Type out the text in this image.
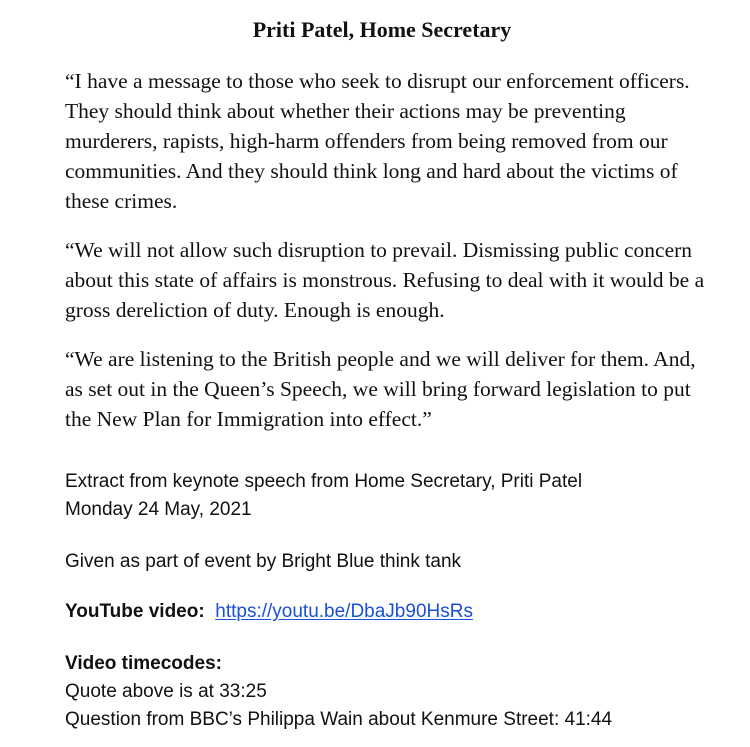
Priti Patel, Home Secretary

“I have a message to those who seek to disrupt our enforcement officers. They should think about whether their actions may be preventing murderers, rapists, high-harm offenders from being removed from our communities. And they should think long and hard about the victims of these crimes.

“We will not allow such disruption to prevail. Dismissing public concern about this state of affairs is monstrous. Refusing to deal with it would be a gross dereliction of duty. Enough is enough.

“We are listening to the British people and we will deliver for them. And, as set out in the Queen’s Speech, we will bring forward legislation to put the New Plan for Immigration into effect.”

Extract from keynote speech from Home Secretary, Priti Patel
Monday 24 May, 2021
Given as part of event by Bright Blue think tank
YouTube video: https://youtu.be/DbaJb90HsRs
Video timecodes:
Quote above is at 33:25
Question from BBC’s Philippa Wain about Kenmure Street: 41:44
